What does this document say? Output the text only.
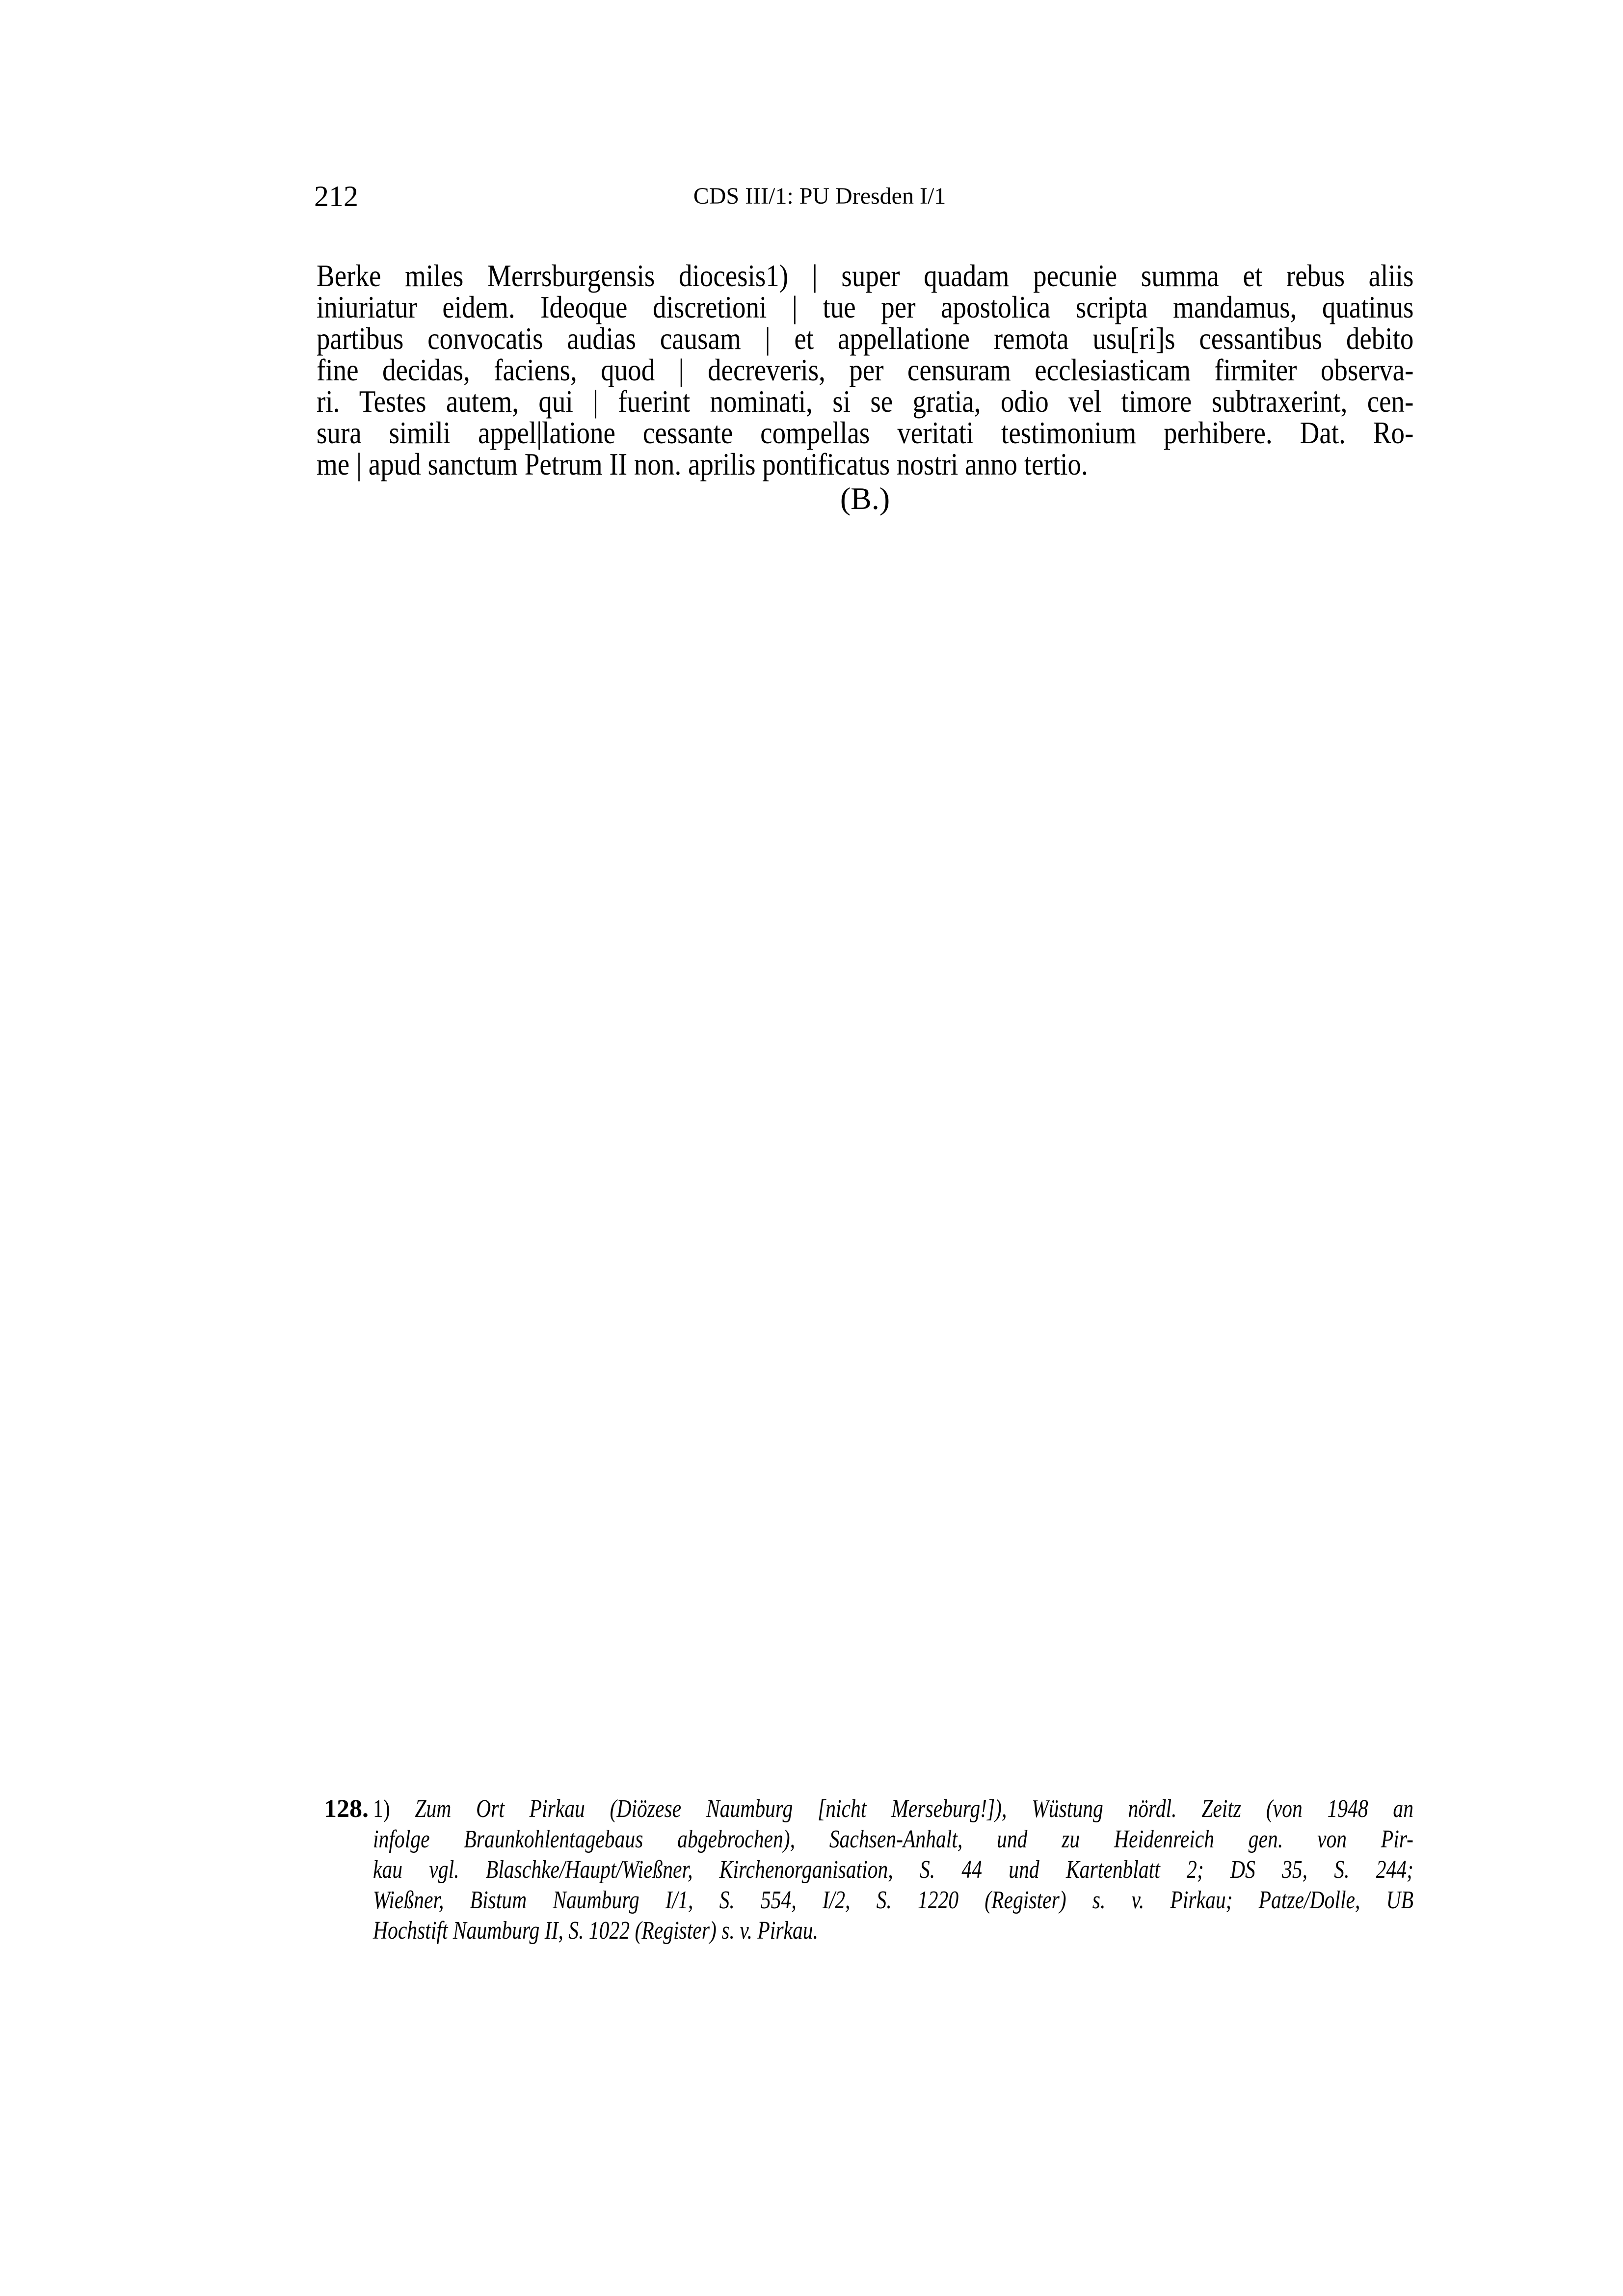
212	CDS III/1: PU Dresden I/1
Berke miles Merrsburgensis diocesis1) | super quadam pecunie summa et rebus aliis
iniuriatur eidem. Ideoque discretioni | tue per apostolica scripta mandamus, quatinus
partibus convocatis audias causam | et appellatione remota usu[ri]s cessantibus debito
fine decidas, faciens, quod | decreveris, per censuram ecclesiasticam firmiter observa-
ri. Testes autem, qui | fuerint nominati, si se gratia, odio vel timore subtraxerint, cen-
sura simili appel|latione cessante compellas veritati testimonium perhibere. Dat. Ro-
me | apud sanctum Petrum II non. aprilis pontificatus nostri anno tertio.
(B.)
128. 1) Zum Ort Pirkau (Diözese Naumburg [nicht Merseburg!]), Wüstung nördl. Zeitz (von 1948 an
infolge Braunkohlentagebaus abgebrochen), Sachsen-Anhalt, und zu Heidenreich gen. von Pir-
kau vgl. Blaschke/Haupt/Wießner, Kirchenorganisation, S. 44 und Kartenblatt 2; DS 35, S. 244;
Wießner, Bistum Naumburg I/1, S. 554, I/2, S. 1220 (Register) s. v. Pirkau; Patze/Dolle, UB
Hochstift Naumburg II, S. 1022 (Register) s. v. Pirkau.
